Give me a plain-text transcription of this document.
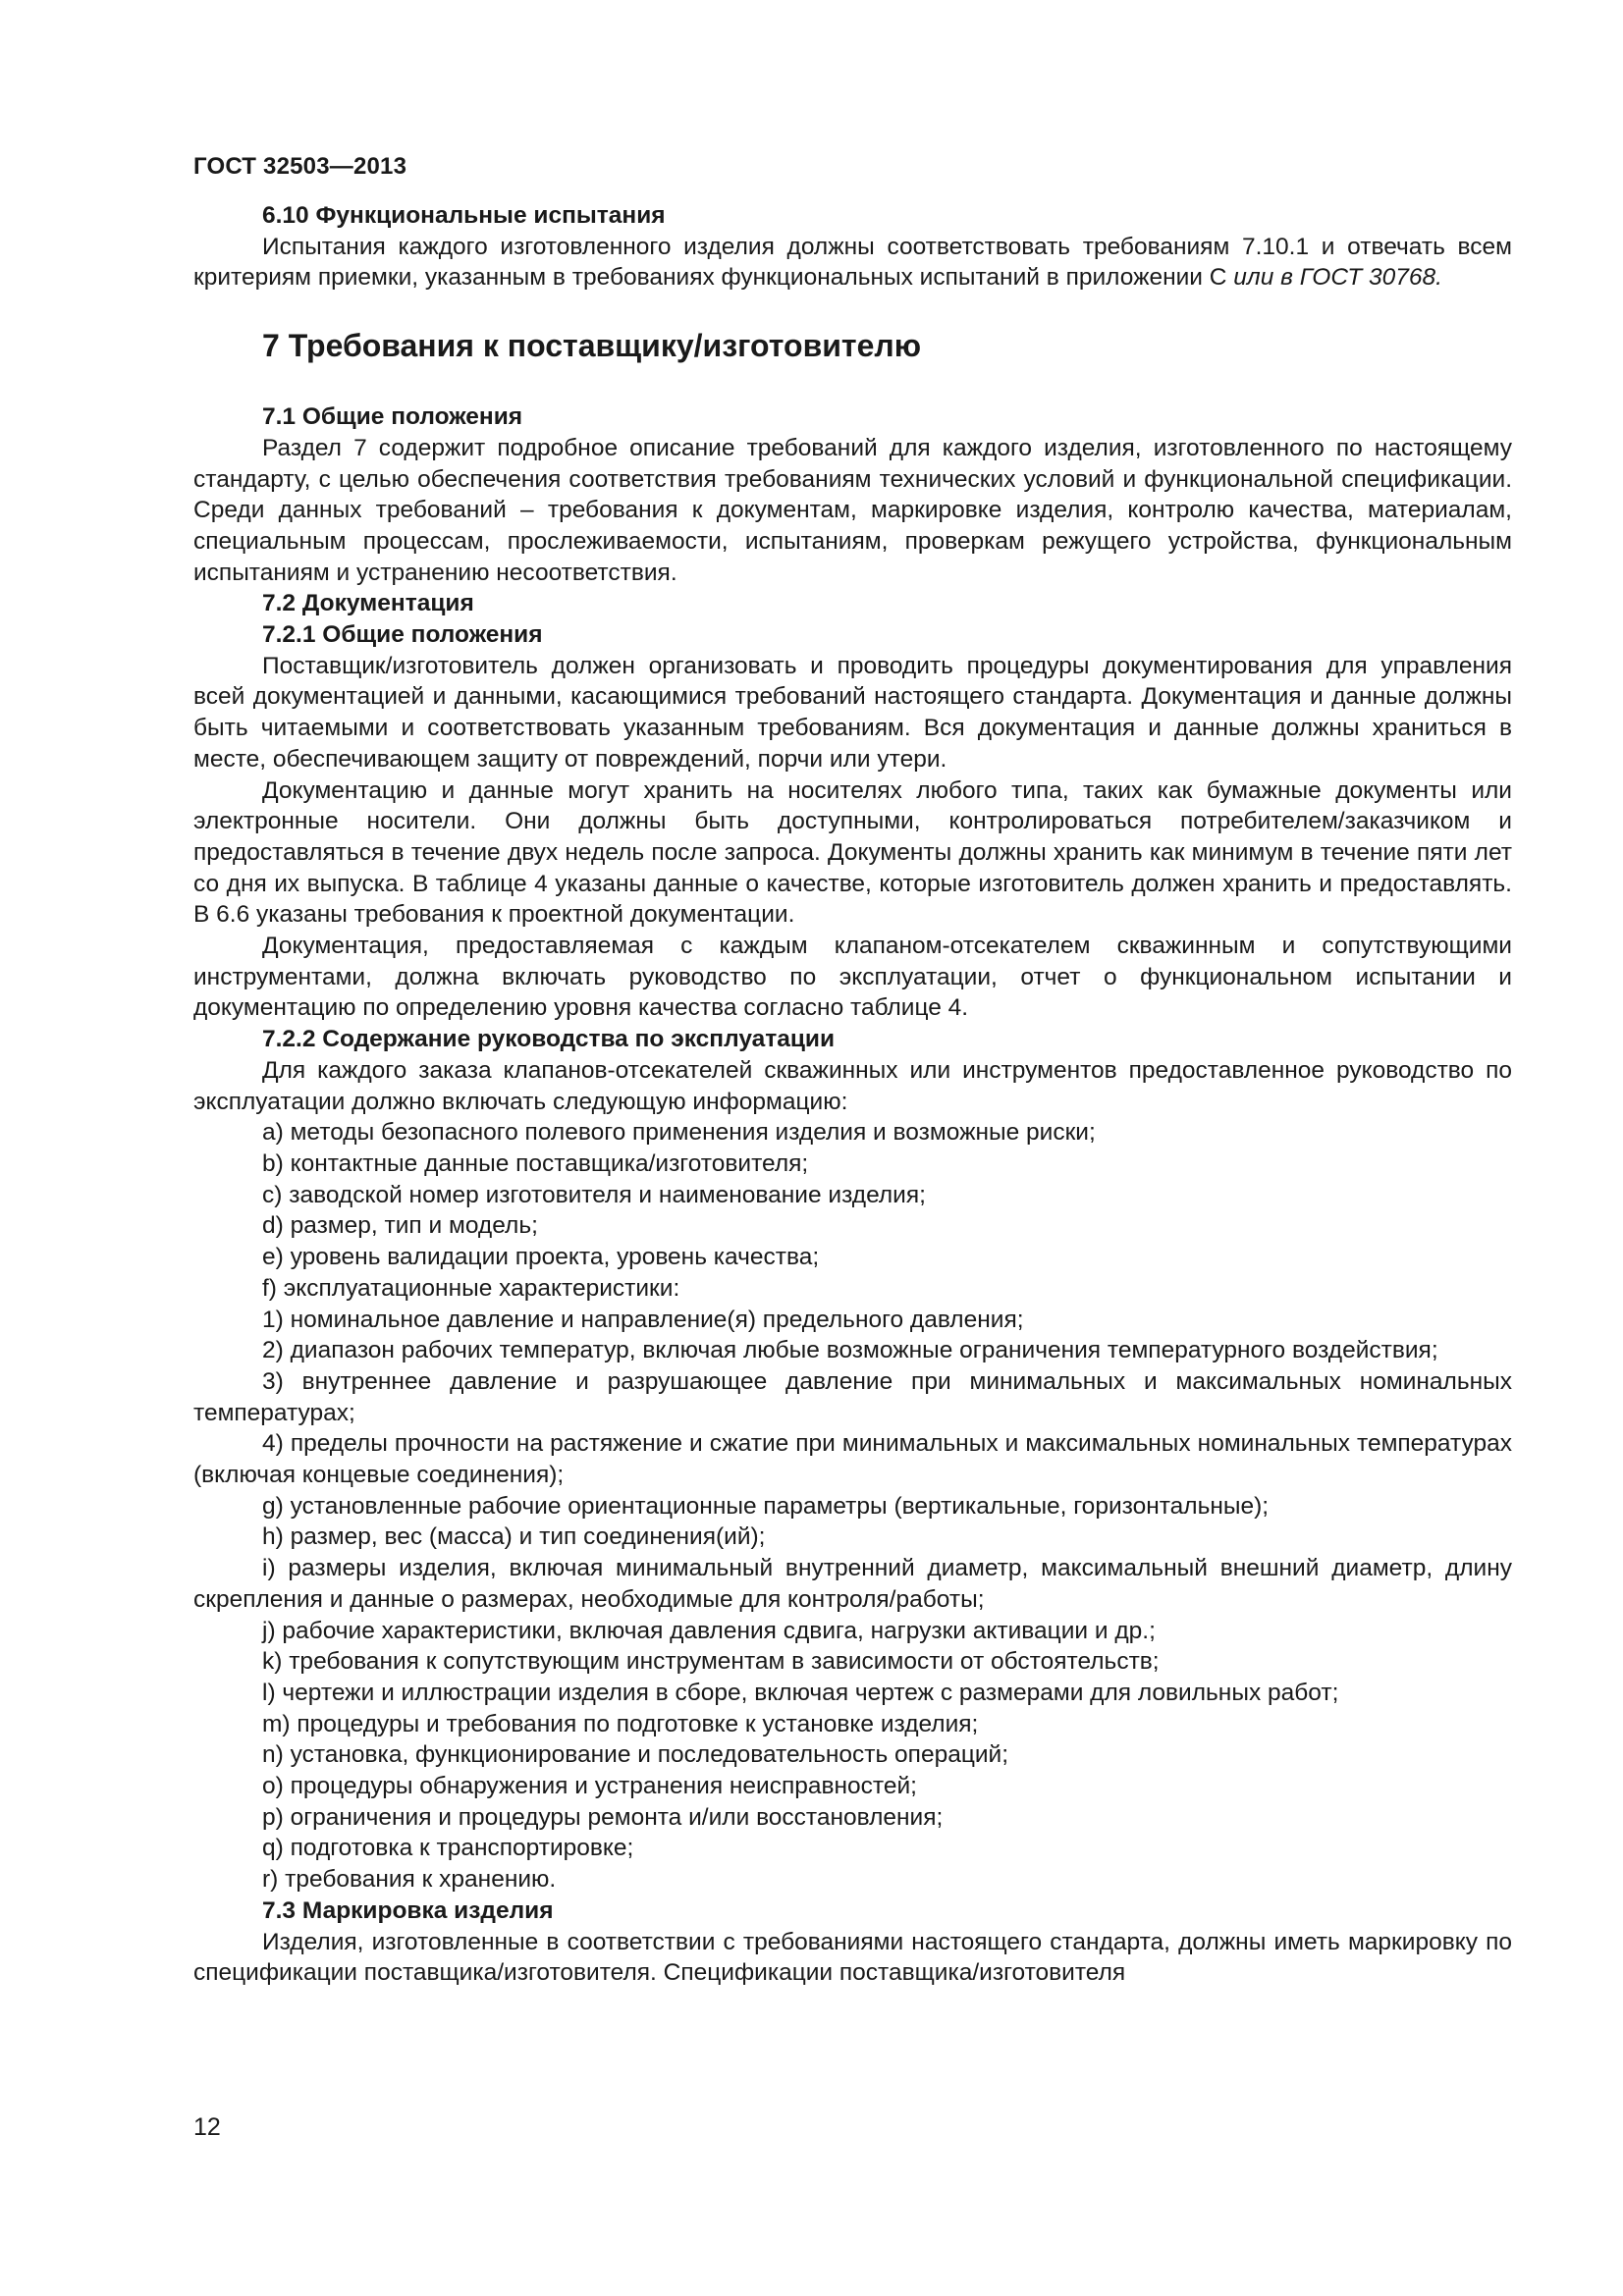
ГОСТ 32503—2013
6.10 Функциональные испытания

Испытания каждого изготовленного изделия должны соответствовать требованиям 7.10.1 и отвечать всем критериям приемки, указанным в требованиях функциональных испытаний в приложении С или в ГОСТ 30768.

7 Требования к поставщику/изготовителю
7.1 Общие положения

Раздел 7 содержит подробное описание требований для каждого изделия, изготовленного по настоящему стандарту, с целью обеспечения соответствия требованиям технических условий и функциональной спецификации. Среди данных требований – требования к документам, маркировке изделия, контролю качества, материалам, специальным процессам, прослеживаемости, испытаниям, проверкам режущего устройства, функциональным испытаниям и устранению несоответствия.

7.2 Документация
7.2.1 Общие положения

Поставщик/изготовитель должен организовать и проводить процедуры документирования для управления всей документацией и данными, касающимися требований настоящего стандарта. Документация и данные должны быть читаемыми и соответствовать указанным требованиям. Вся документация и данные должны храниться в месте, обеспечивающем защиту от повреждений, порчи или утери.

Документацию и данные могут хранить на носителях любого типа, таких как бумажные документы или электронные носители. Они должны быть доступными, контролироваться потребителем/заказчиком и предоставляться в течение двух недель после запроса. Документы должны хранить как минимум в течение пяти лет со дня их выпуска. В таблице 4 указаны данные о качестве, которые изготовитель должен хранить и предоставлять. В 6.6 указаны требования к проектной документации.

Документация, предоставляемая с каждым клапаном-отсекателем скважинным и сопутствующими инструментами, должна включать руководство по эксплуатации, отчет о функциональном испытании и документацию по определению уровня качества согласно таблице 4.

7.2.2 Содержание руководства по эксплуатации

Для каждого заказа клапанов-отсекателей скважинных или инструментов предоставленное руководство по эксплуатации должно включать следующую информацию:

а) методы безопасного полевого применения изделия и возможные риски;
b) контактные данные поставщика/изготовителя;
с) заводской номер изготовителя и наименование изделия;
d) размер, тип и модель;
е) уровень валидации проекта, уровень качества;
f) эксплуатационные характеристики:
1) номинальное давление и направление(я) предельного давления;
2) диапазон рабочих температур, включая любые возможные ограничения температурного воздействия;
3) внутреннее давление и разрушающее давление при минимальных и максимальных номинальных температурах;
4) пределы прочности на растяжение и сжатие при минимальных и максимальных номинальных температурах (включая концевые соединения);
g) установленные рабочие ориентационные параметры (вертикальные, горизонтальные);
h) размер, вес (масса) и тип соединения(ий);
i) размеры изделия, включая минимальный внутренний диаметр, максимальный внешний диаметр, длину скрепления и данные о размерах, необходимые для контроля/работы;
j) рабочие характеристики, включая давления сдвига, нагрузки активации и др.;
k) требования к сопутствующим инструментам в зависимости от обстоятельств;
l) чертежи и иллюстрации изделия в сборе, включая чертеж с размерами для ловильных работ;
m) процедуры и требования по подготовке к установке изделия;
n) установка, функционирование и последовательность операций;
о) процедуры обнаружения и устранения неисправностей;
р) ограничения и процедуры ремонта и/или восстановления;
q) подготовка к транспортировке;
r) требования к хранению.
7.3 Маркировка изделия

Изделия, изготовленные в соответствии с требованиями настоящего стандарта, должны иметь маркировку по спецификации поставщика/изготовителя. Спецификации поставщика/изготовителя

12
